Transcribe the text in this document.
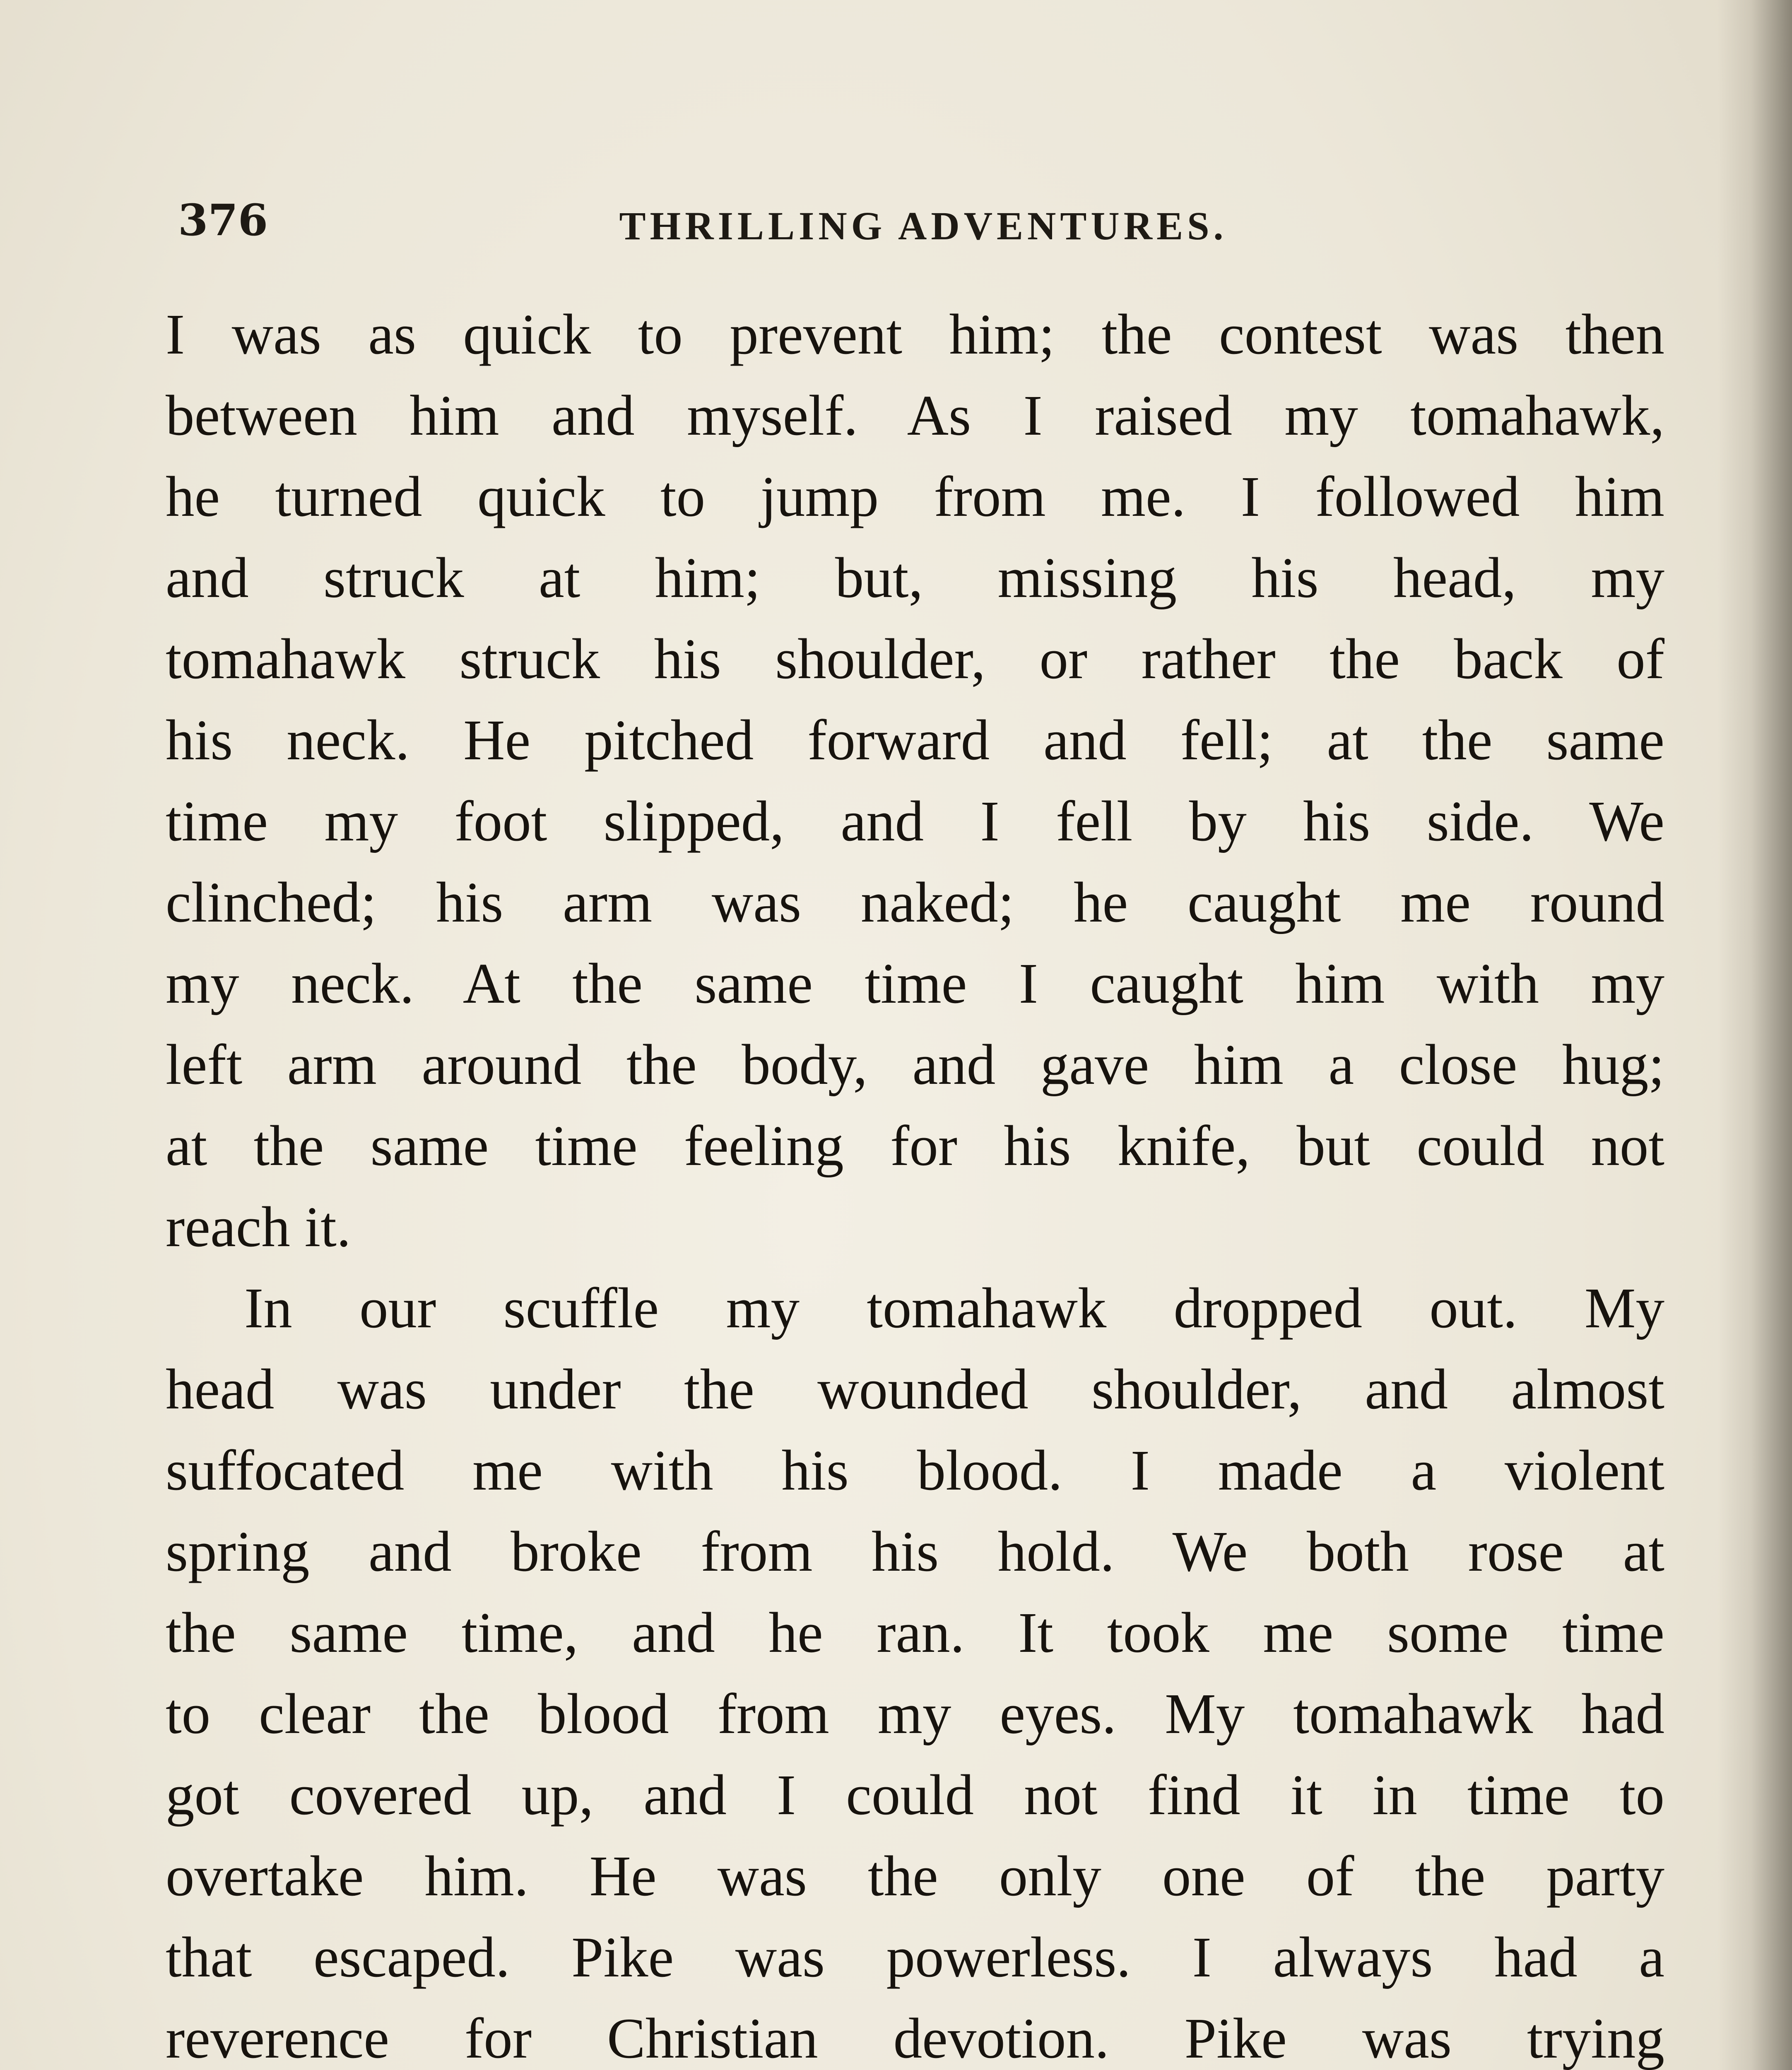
376	THRILLING ADVENTURES.
I was as quick to prevent him; the contest was then
between him and myself. As I raised my tomahawk,
he turned quick to jump from me. I followed him
and struck at him; but, missing his head, my
tomahawk struck his shoulder, or rather the back of
his neck. He pitched forward and fell; at the same
time my foot slipped, and I fell by his side. We
clinched; his arm was naked; he caught me round
my neck. At the same time I caught him with my
left arm around the body, and gave him a close hug;
at the same time feeling for his knife, but could not
reach it.
In our scuffle my tomahawk dropped out. My
head was under the wounded shoulder, and almost
suffocated me with his blood. I made a violent
spring and broke from his hold. We both rose at
the same time, and he ran. It took me some time
to clear the blood from my eyes. My tomahawk had
got covered up, and I could not find it in time to
overtake him. He was the only one of the party
that escaped. Pike was powerless. I always had a
reverence for Christian devotion. Pike was trying
